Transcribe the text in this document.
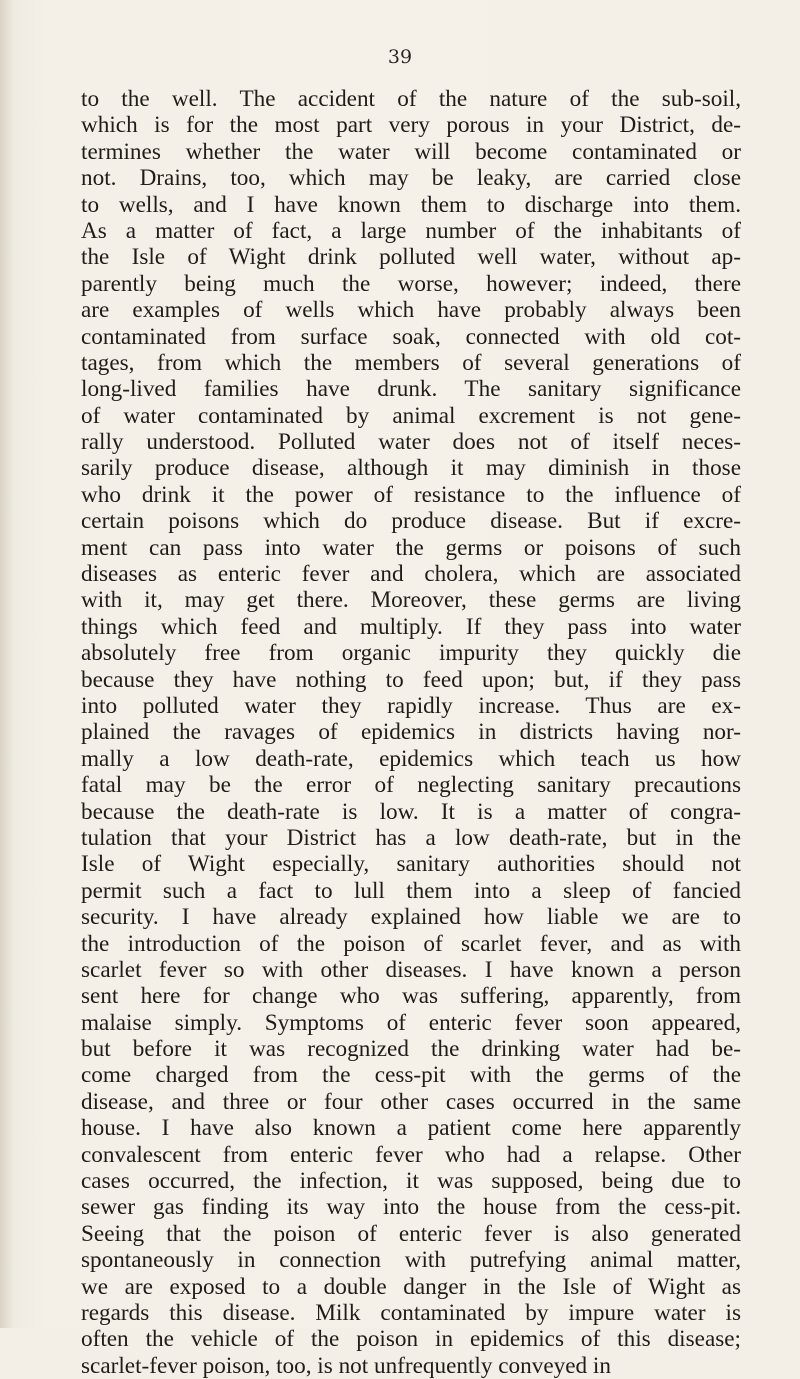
39
to the well. The accident of the nature of the sub-soil,
which is for the most part very porous in your District, de-
termines whether the water will become contaminated or
not. Drains, too, which may be leaky, are carried close
to wells, and I have known them to discharge into them.
As a matter of fact, a large number of the inhabitants of
the Isle of Wight drink polluted well water, without ap-
parently being much the worse, however; indeed, there
are examples of wells which have probably always been
contaminated from surface soak, connected with old cot-
tages, from which the members of several generations of
long-lived families have drunk. The sanitary significance
of water contaminated by animal excrement is not gene-
rally understood. Polluted water does not of itself neces-
sarily produce disease, although it may diminish in those
who drink it the power of resistance to the influence of
certain poisons which do produce disease. But if excre-
ment can pass into water the germs or poisons of such
diseases as enteric fever and cholera, which are associated
with it, may get there. Moreover, these germs are living
things which feed and multiply. If they pass into water
absolutely free from organic impurity they quickly die
because they have nothing to feed upon; but, if they pass
into polluted water they rapidly increase. Thus are ex-
plained the ravages of epidemics in districts having nor-
mally a low death-rate, epidemics which teach us how
fatal may be the error of neglecting sanitary precautions
because the death-rate is low. It is a matter of congra-
tulation that your District has a low death-rate, but in the
Isle of Wight especially, sanitary authorities should not
permit such a fact to lull them into a sleep of fancied
security. I have already explained how liable we are to
the introduction of the poison of scarlet fever, and as with
scarlet fever so with other diseases. I have known a person
sent here for change who was suffering, apparently, from
malaise simply. Symptoms of enteric fever soon appeared,
but before it was recognized the drinking water had be-
come charged from the cess-pit with the germs of the
disease, and three or four other cases occurred in the same
house. I have also known a patient come here apparently
convalescent from enteric fever who had a relapse. Other
cases occurred, the infection, it was supposed, being due to
sewer gas finding its way into the house from the cess-pit.
Seeing that the poison of enteric fever is also generated
spontaneously in connection with putrefying animal matter,
we are exposed to a double danger in the Isle of Wight as
regards this disease. Milk contaminated by impure water is
often the vehicle of the poison in epidemics of this disease;
scarlet-fever poison, too, is not unfrequently conveyed in
